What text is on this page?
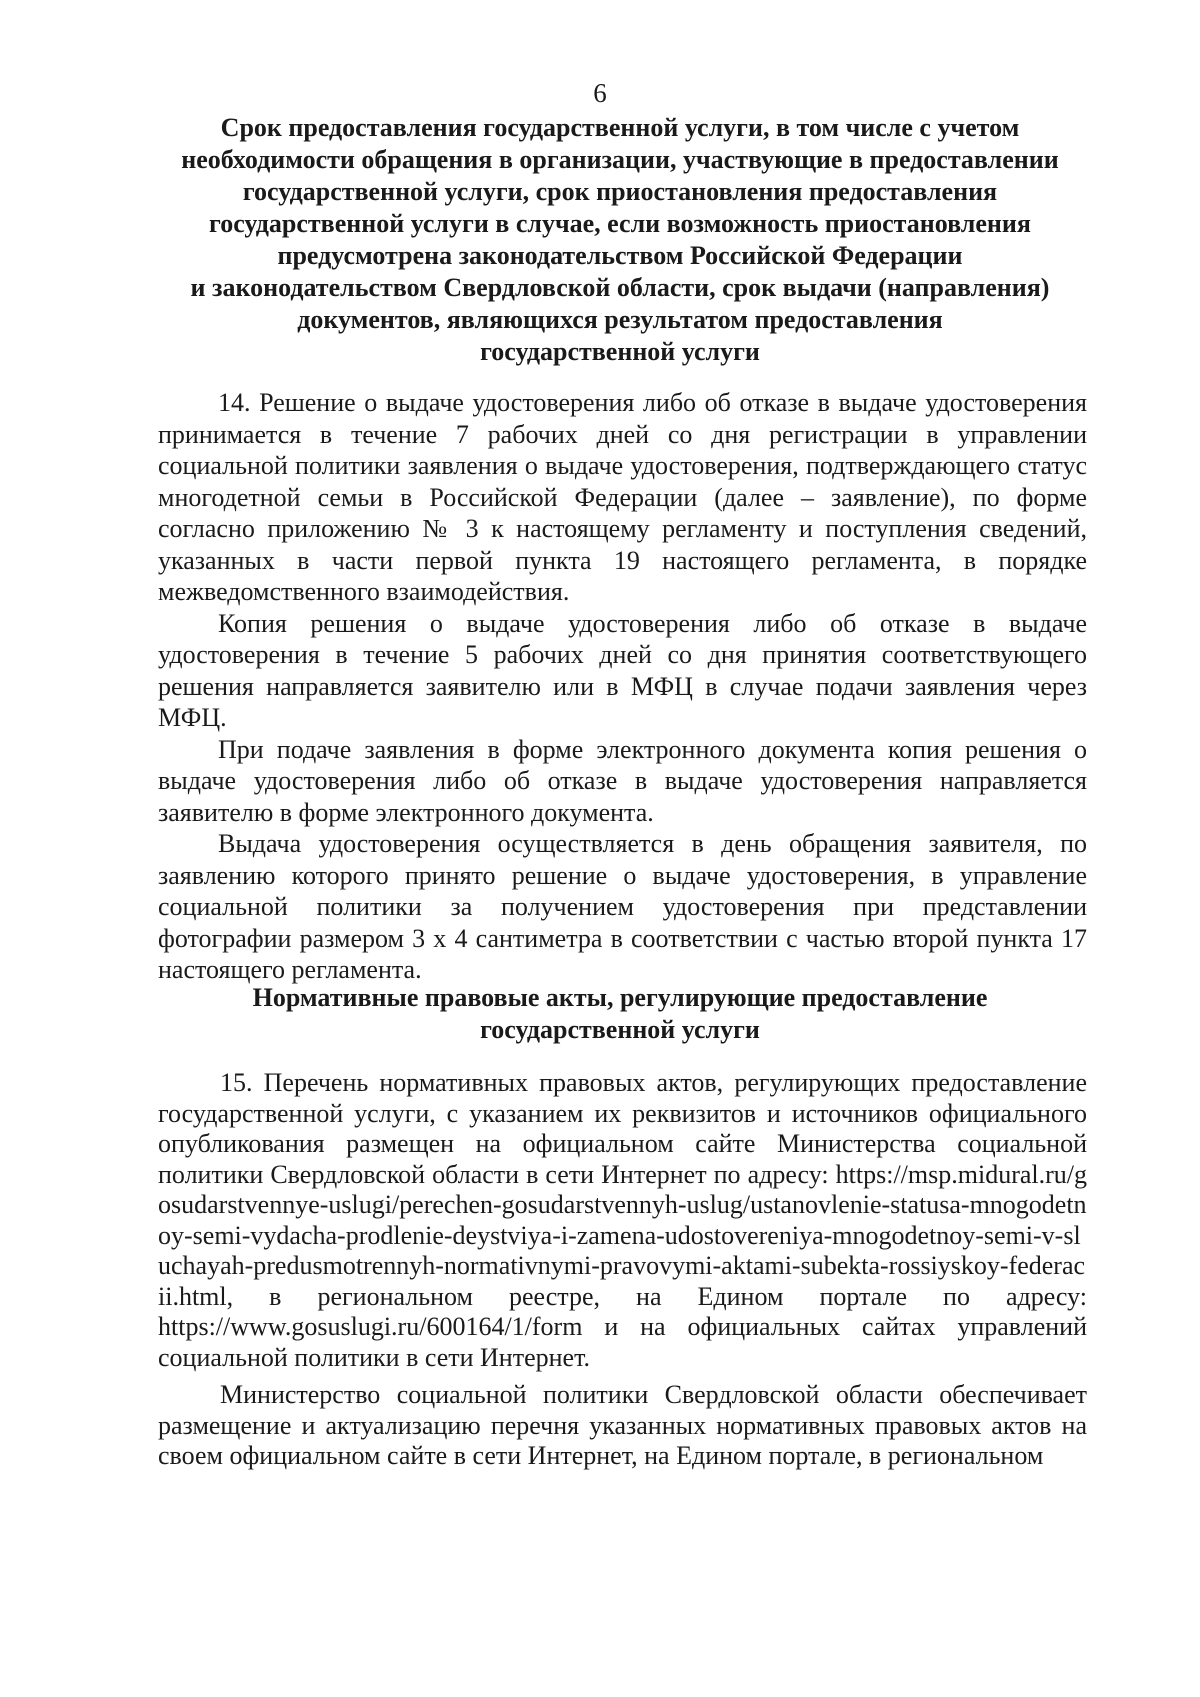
6
Срок предоставления государственной услуги, в том числе с учетом
необходимости обращения в организации, участвующие в предоставлении
государственной услуги, срок приостановления предоставления
государственной услуги в случае, если возможность приостановления
предусмотрена законодательством Российской Федерации
и законодательством Свердловской области, срок выдачи (направления)
документов, являющихся результатом предоставления
государственной услуги

14. Решение о выдаче удостоверения либо об отказе в выдаче удостоверения принимается в течение 7 рабочих дней со дня регистрации в управлении социальной политики заявления о выдаче удостоверения, подтверждающего статус многодетной семьи в Российской Федерации (далее – заявление), по форме согласно приложению № 3 к настоящему регламенту и поступления сведений, указанных в части первой пункта 19 настоящего регламента, в порядке межведомственного взаимодействия.

Копия решения о выдаче удостоверения либо об отказе в выдаче удостоверения в течение 5 рабочих дней со дня принятия соответствующего решения направляется заявителю или в МФЦ в случае подачи заявления через МФЦ.

При подаче заявления в форме электронного документа копия решения о выдаче удостоверения либо об отказе в выдаче удостоверения направляется заявителю в форме электронного документа.

Выдача удостоверения осуществляется в день обращения заявителя, по заявлению которого принято решение о выдаче удостоверения, в управление социальной политики за получением удостоверения при представлении фотографии размером 3 х 4 сантиметра в соответствии с частью второй пункта 17 настоящего регламента.

Нормативные правовые акты, регулирующие предоставление
государственной услуги

15. Перечень нормативных правовых актов, регулирующих предоставление государственной услуги, с указанием их реквизитов и источников официального опубликования размещен на официальном сайте Министерства социальной политики Свердловской области в сети Интернет по адресу: https://msp.midural.ru/gosudarstvennye-uslugi/perechen-gosudarstvennyh-uslug/ustanovlenie-statusa-mnogodetnoy-semi-vydacha-prodlenie-deystviya-i-zamena-udostovereniya-mnogodetnoy-semi-v-sluchayah-predusmotrennyh-normativnymi-pravovymi-aktami-subekta-rossiyskoy-federacii.html, в региональном реестре, на Едином портале по адресу: https://www.gosuslugi.ru/600164/1/form и на официальных сайтах управлений социальной политики в сети Интернет.

Министерство социальной политики Свердловской области обеспечивает размещение и актуализацию перечня указанных нормативных правовых актов на своем официальном сайте в сети Интернет, на Едином портале, в региональном
